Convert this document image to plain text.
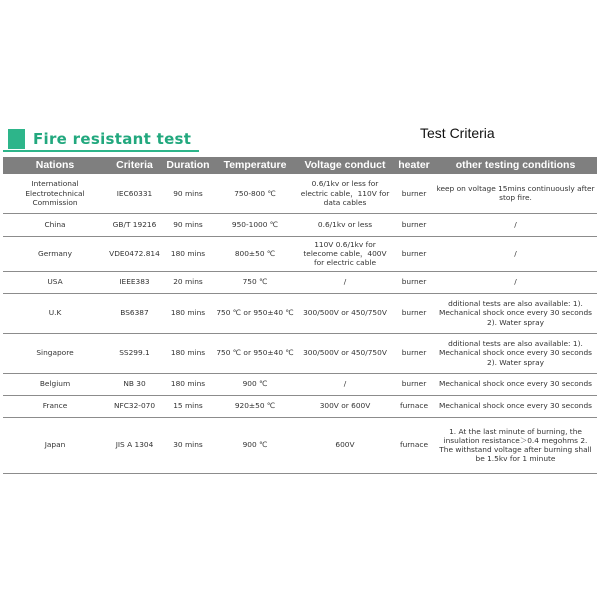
Fire resistant test	Test Criteria
Nations	Criteria	Duration	Temperature	Voltage conduct	heater	other testing conditions
International Electrotechnical Commission	IEC60331	90 mins	750-800 ℃	0.6/1kv or less for electric cable，110V for data cables	burner	keep on voltage 15mins continuously after stop fire.
China	GB/T 19216	90 mins	950-1000 ℃	0.6/1kv or less	burner	/
Germany	VDE0472.814	180 mins	800±50 ℃	110V 0.6/1kv for telecome cable，400V for electric cable	burner	/
USA	IEEE383	20 mins	750 ℃	/	burner	/
U.K	BS6387	180 mins	750 ℃ or 950±40 ℃	300/500V or 450/750V	burner	dditional tests are also available: 1). Mechanical shock once every 30 seconds 2). Water spray
Singapore	SS299.1	180 mins	750 ℃ or 950±40 ℃	300/500V or 450/750V	burner	dditional tests are also available: 1). Mechanical shock once every 30 seconds 2). Water spray
Belgium	NB 30	180 mins	900 ℃	/	burner	Mechanical shock once every 30 seconds
France	NFC32-070	15 mins	920±50 ℃	300V or 600V	furnace	Mechanical shock once every 30 seconds
Japan	JIS A 1304	30 mins	900 ℃	600V	furnace	1. At the last minute of burning, the insulation resistance＞0.4 megohms 2. The withstand voltage after burning shall be 1.5kv for 1 minute
